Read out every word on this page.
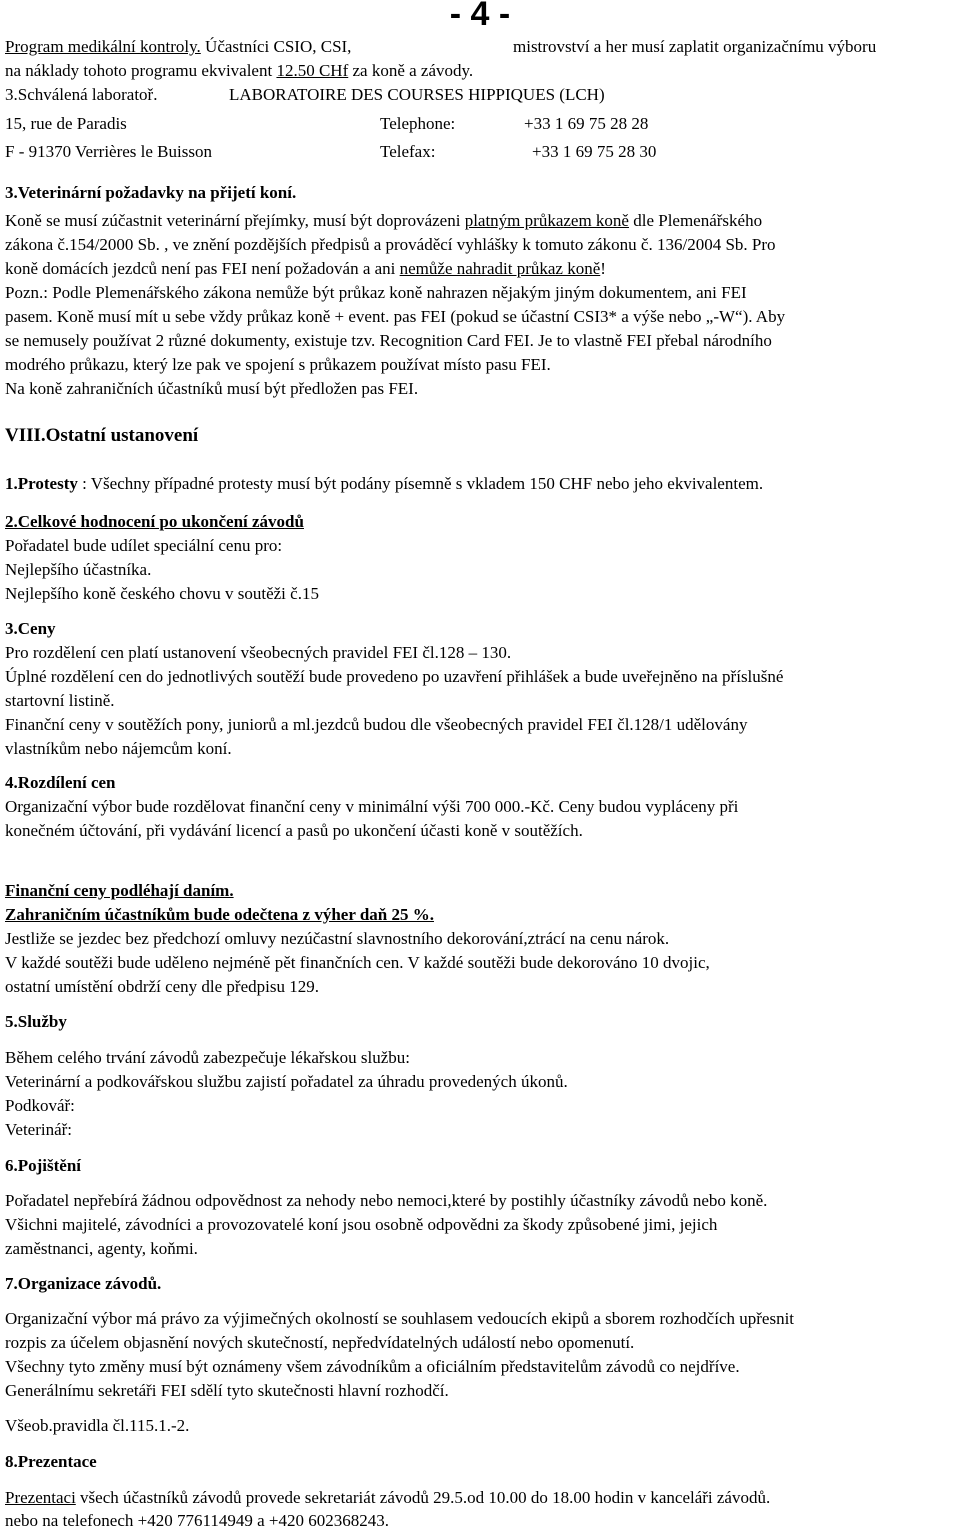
- 4 -
Program medikální kontroly. Účastníci CSIO, CSI,	mistrovství a her musí zaplatit organizačnímu výboru
na náklady tohoto programu ekvivalent 12.50 CHf za koně a závody.
3.Schválená laboratoř.	LABORATOIRE DES COURSES HIPPIQUES (LCH)
15, rue de Paradis	Telephone:	+33 1 69 75 28 28
F - 91370 Verrières le Buisson	Telefax:	+33 1 69 75 28 30
3.Veterinární požadavky na přijetí koní.
Koně se musí zúčastnit veterinární přejímky, musí být doprovázeni platným průkazem koně dle Plemenářského
zákona č.154/2000 Sb. , ve znění pozdějších předpisů a prováděcí vyhlášky k tomuto zákonu č. 136/2004 Sb. Pro
koně domácích jezdců není pas FEI není požadován a ani nemůže nahradit průkaz koně!
Pozn.: Podle Plemenářského zákona nemůže být průkaz koně nahrazen nějakým jiným dokumentem, ani FEI
pasem. Koně musí mít u sebe vždy průkaz koně + event. pas FEI (pokud se účastní CSI3* a výše nebo „-W“). Aby
se nemusely používat 2 různé dokumenty, existuje tzv. Recognition Card FEI. Je to vlastně FEI přebal národního
modrého průkazu, který lze pak ve spojení s průkazem používat místo pasu FEI.
Na koně zahraničních účastníků musí být předložen pas FEI.
VIII.Ostatní ustanovení
1.Protesty : Všechny případné protesty musí být podány písemně s vkladem 150 CHF nebo jeho ekvivalentem.
2.Celkové hodnocení po ukončení závodů
Pořadatel bude udílet speciální cenu pro:
Nejlepšího účastníka.
Nejlepšího koně českého chovu v soutěži č.15
3.Ceny
Pro rozdělení cen platí ustanovení všeobecných pravidel FEI čl.128 – 130.
Úplné rozdělení cen do jednotlivých soutěží bude provedeno po uzavření přihlášek a bude uveřejněno na příslušné
startovní listině.
Finanční ceny v soutěžích pony, juniorů a ml.jezdců budou dle všeobecných pravidel FEI čl.128/1 udělovány
vlastníkům nebo nájemcům koní.
4.Rozdílení cen
Organizační výbor bude rozdělovat finanční ceny v minimální výši 700 000.-Kč. Ceny budou vypláceny při
konečném účtování, při vydávání licencí a pasů po ukončení účasti koně v soutěžích.
Finanční ceny podléhají daním.
Zahraničním účastníkům bude odečtena z výher daň 25 %.
Jestliže se jezdec bez předchozí omluvy nezúčastní slavnostního dekorování,ztrácí na cenu nárok.
V každé soutěži bude uděleno nejméně pět finančních cen. V každé soutěži bude dekorováno 10 dvojic,
ostatní umístění obdrží ceny dle předpisu 129.
5.Služby
Během celého trvání závodů zabezpečuje lékařskou službu:
Veterinární a podkovářskou službu zajistí pořadatel za úhradu provedených úkonů.
Podkovář:
Veterinář:
6.Pojištění
Pořadatel nepřebírá žádnou odpovědnost za nehody nebo nemoci,které by postihly účastníky závodů nebo koně.
Všichni majitelé, závodníci a provozovatelé koní jsou osobně odpovědni za škody způsobené jimi, jejich
zaměstnanci, agenty, koňmi.
7.Organizace závodů.
Organizační výbor má právo za výjimečných okolností se souhlasem vedoucích ekipů a sborem rozhodčích upřesnit
rozpis za účelem objasnění nových skutečností, nepředvídatelných událostí nebo opomenutí.
Všechny tyto změny musí být oznámeny všem závodníkům a oficiálním představitelům závodů co nejdříve.
Generálnímu sekretáři FEI sdělí tyto skutečnosti hlavní rozhodčí.
Všeob.pravidla čl.115.1.-2.
8.Prezentace
Prezentaci všech účastníků závodů provede sekretariát závodů 29.5.od 10.00 do 18.00 hodin v kanceláři závodů.
nebo na telefonech +420 776114949 a +420 602368243.
